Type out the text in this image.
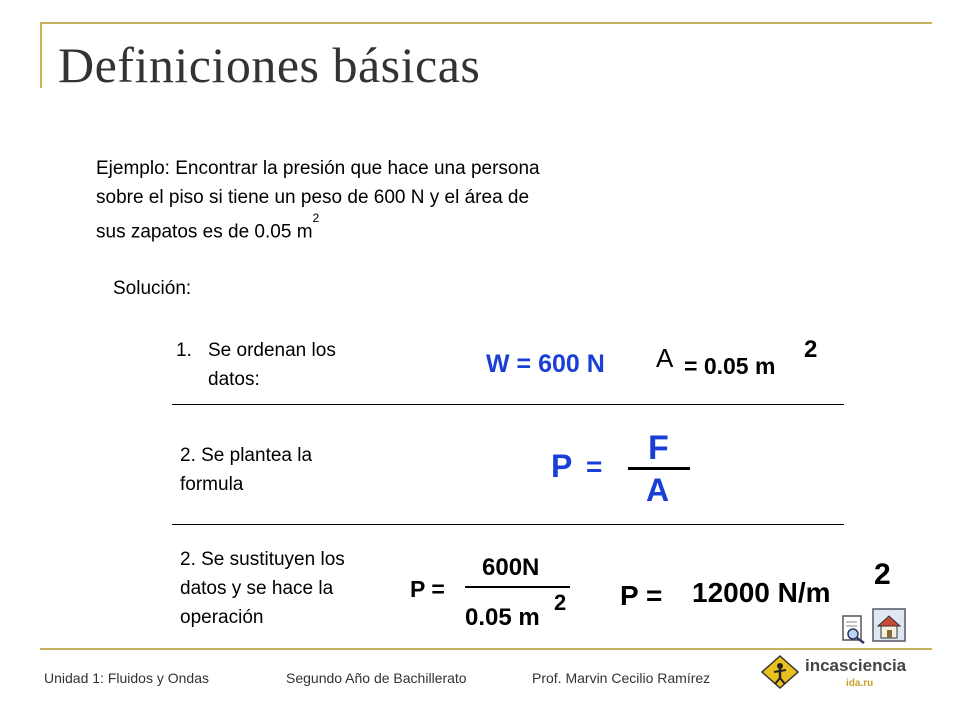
Definiciones básicas
Ejemplo: Encontrar la presión que hace una persona
sobre el piso si tiene un peso de 600 N y el área de
sus zapatos es de 0.05 $m^2$
Solución:
1. Se ordenan los datos:
2. Se plantea la formula
2. Se sustituyen los datos y se hace la operación
W = 600 N A = 0.05 m
2
P = F
A
P =
600N
0.05 m
2 P = 12000 N/m
2
Unidad 1: Fluidos y Ondas	Segundo Año de Bachillerato	Prof. Marvin Cecilio Ramírez
incasciencia
ida.ru
